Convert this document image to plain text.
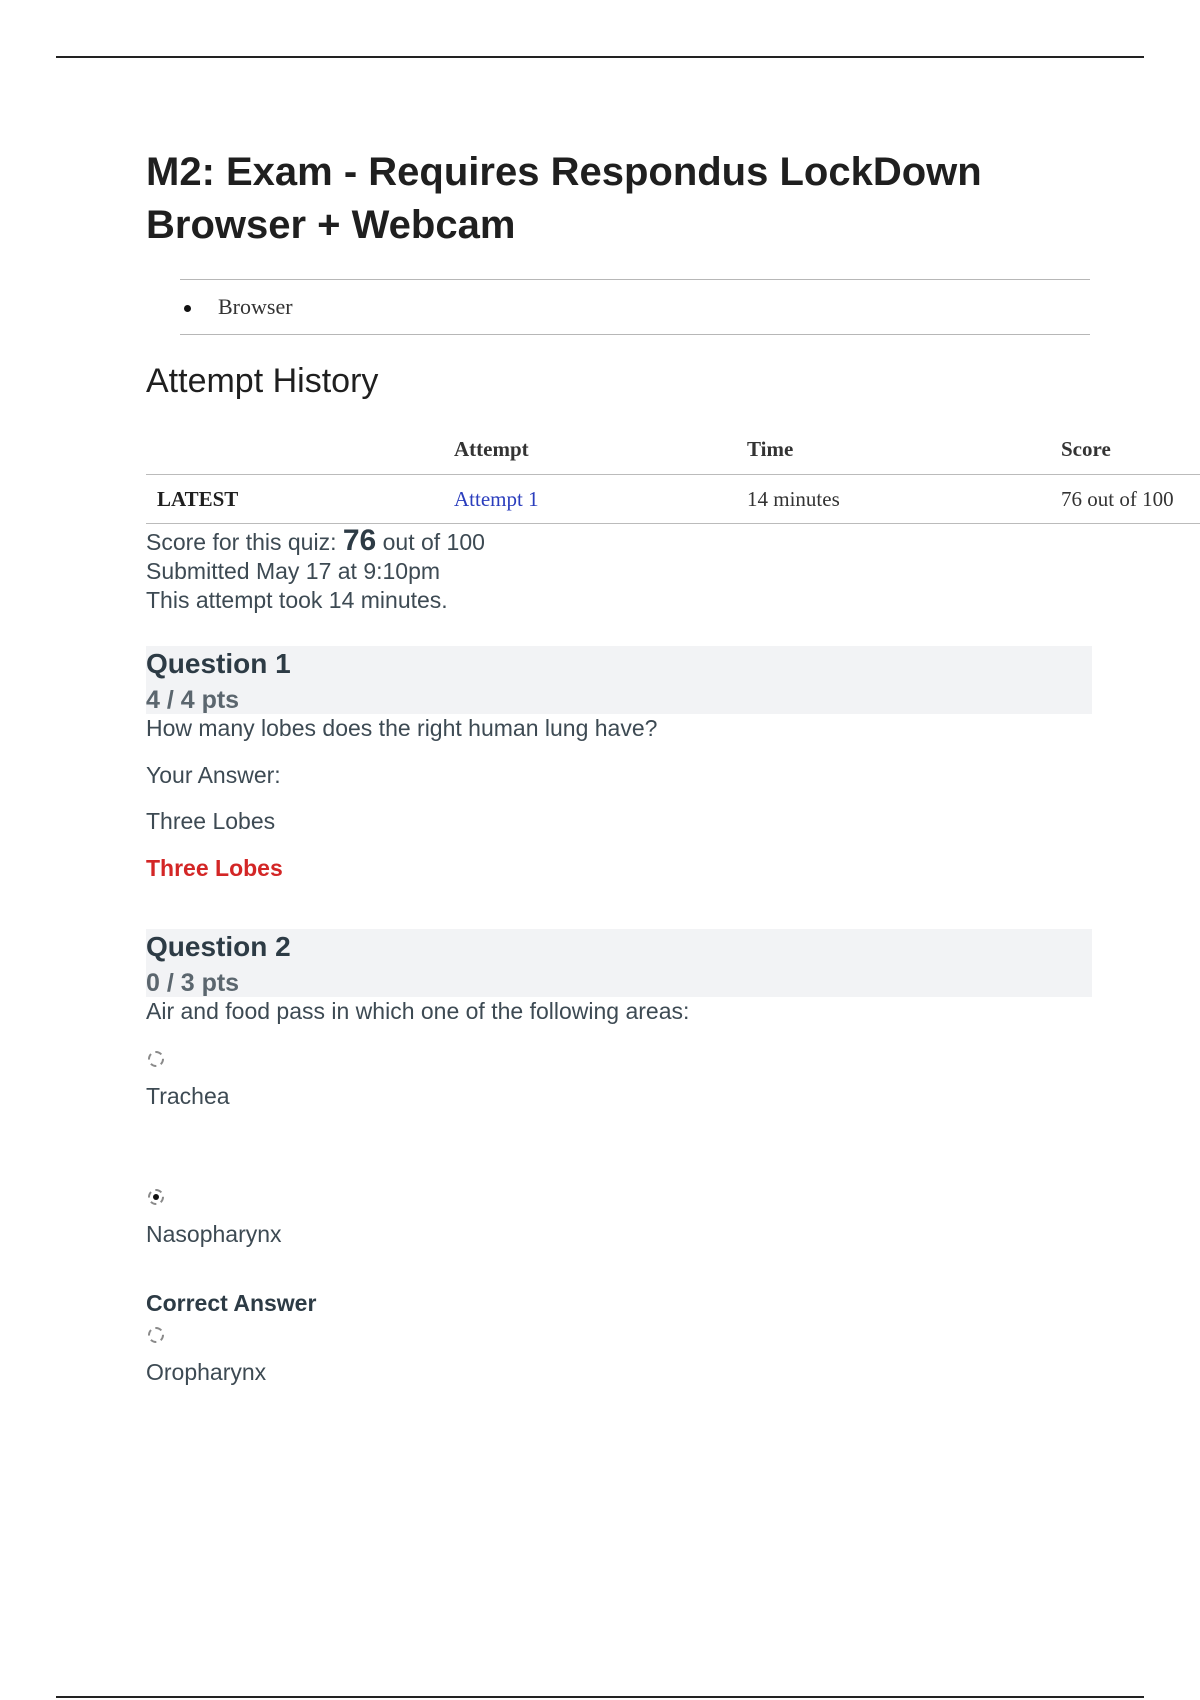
M2: Exam - Requires Respondus LockDown Browser + Webcam
Browser
Attempt History
	Attempt	Time	Score
LATEST	Attempt 1	14 minutes	76 out of 100
Score for this quiz: 76 out of 100
Submitted May 17 at 9:10pm
This attempt took 14 minutes.
Question 1
4 / 4 pts
How many lobes does the right human lung have?
Your Answer:
Three Lobes
Three Lobes
Question 2
0 / 3 pts
Air and food pass in which one of the following areas:
Trachea
Nasopharynx
Correct Answer
Oropharynx
